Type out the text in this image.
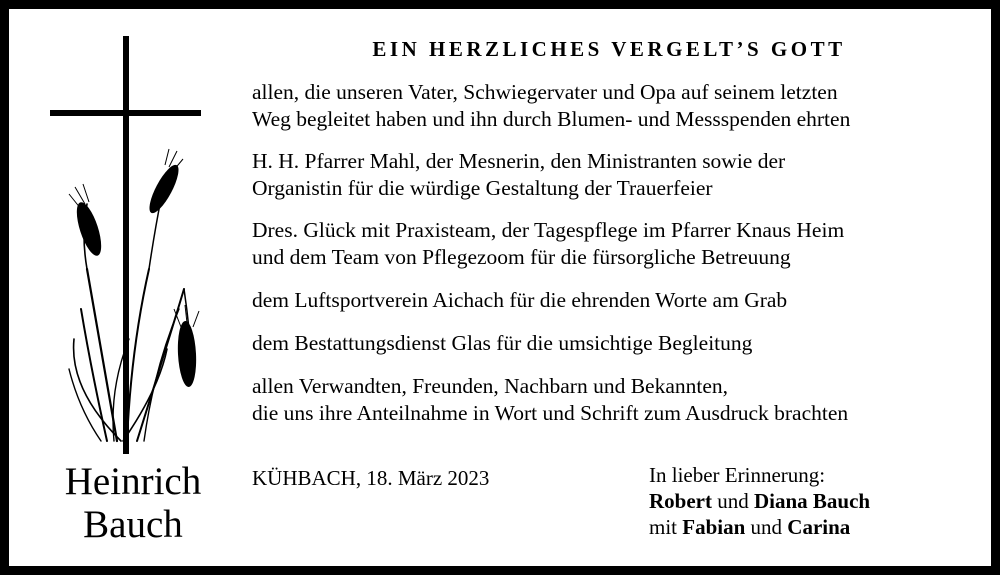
Heinrich
Bauch
EIN HERZLICHES VERGELT’S GOTT
allen, die unseren Vater, Schwiegervater und Opa auf seinem letzten
Weg begleitet haben und ihn durch Blumen- und Messspenden ehrten
H. H. Pfarrer Mahl, der Mesnerin, den Ministranten sowie der
Organistin für die würdige Gestaltung der Trauerfeier
Dres. Glück mit Praxisteam, der Tagespflege im Pfarrer Knaus Heim
und dem Team von Pflegezoom für die fürsorgliche Betreuung
dem Luftsportverein Aichach für die ehrenden Worte am Grab
dem Bestattungsdienst Glas für die umsichtige Begleitung
allen Verwandten, Freunden, Nachbarn und Bekannten,
die uns ihre Anteilnahme in Wort und Schrift zum Ausdruck brachten
KÜHBACH, 18. März 2023	In lieber Erinnerung:
Robert und Diana Bauch
mit Fabian und Carina
